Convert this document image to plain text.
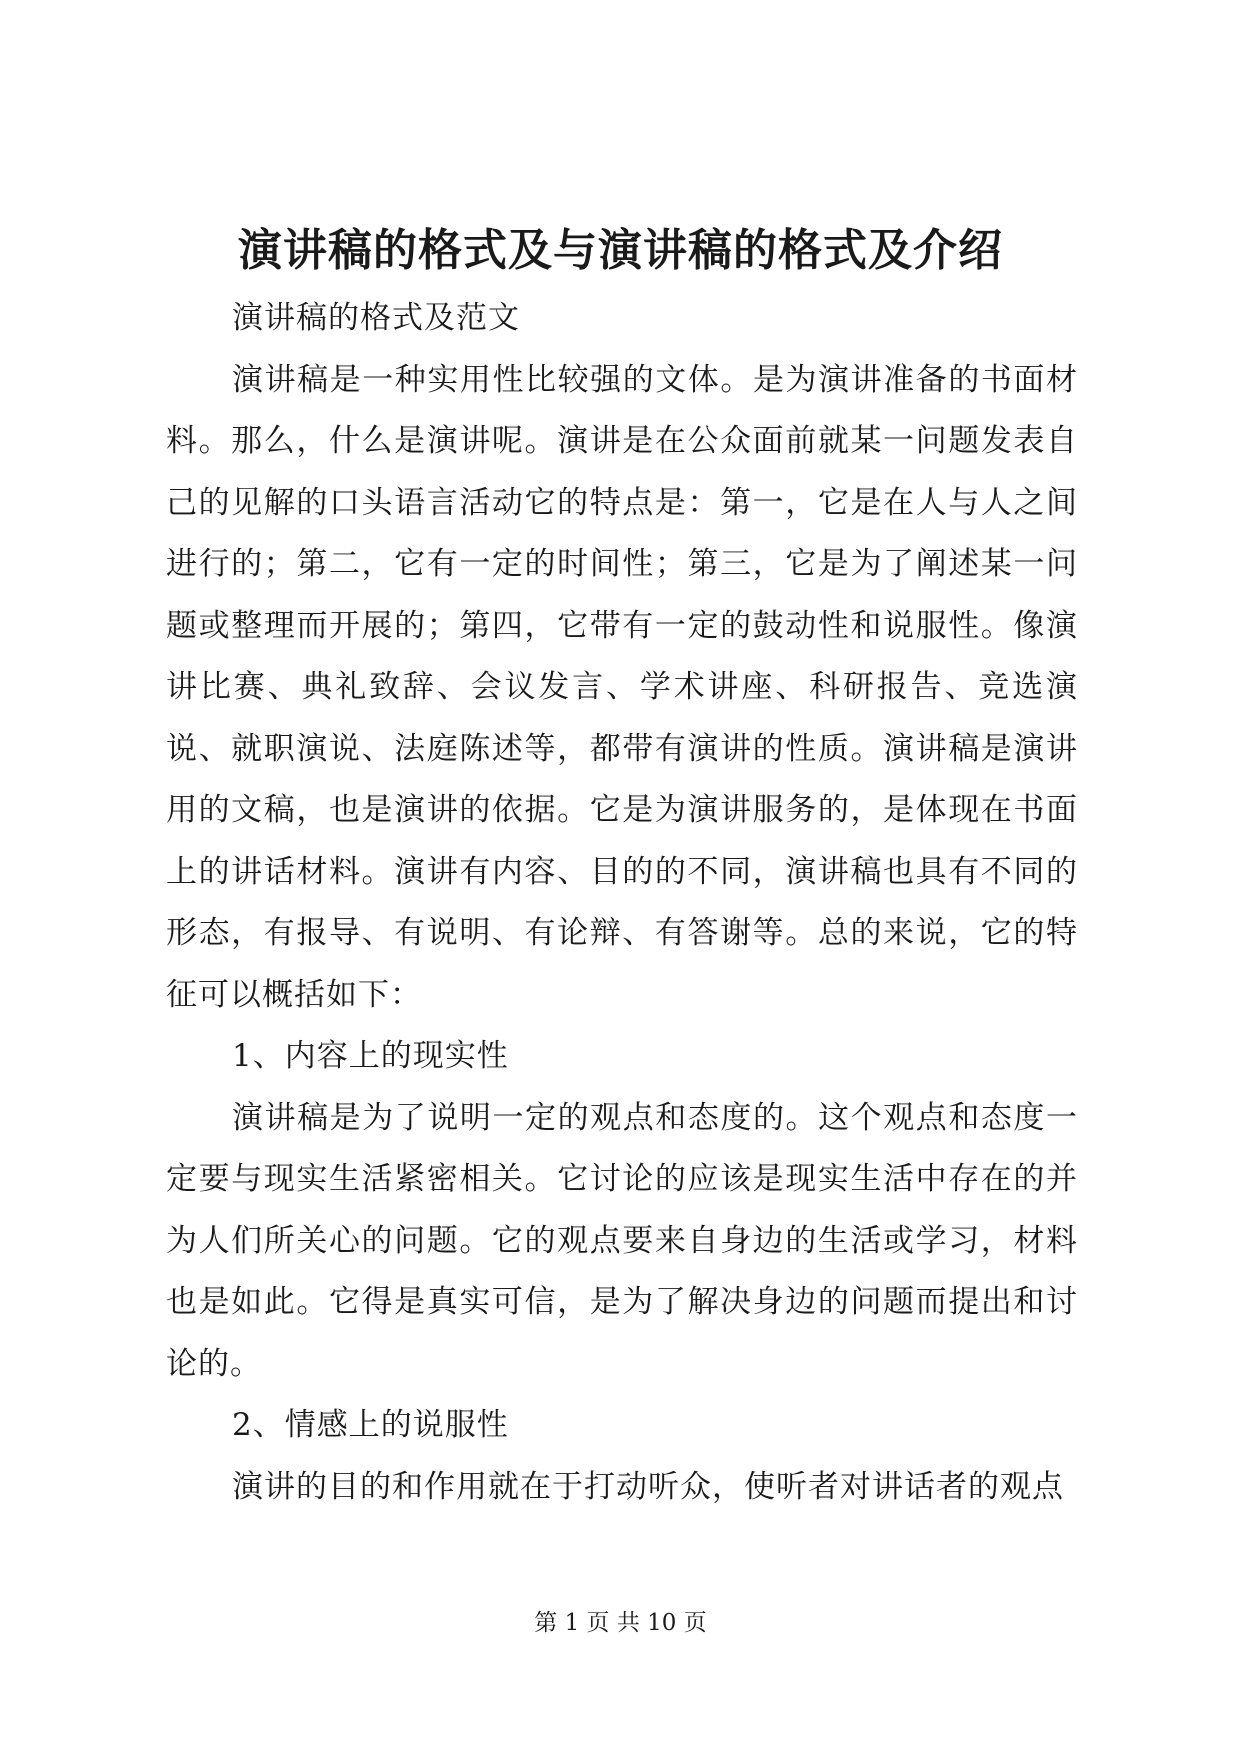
演讲稿的格式及与演讲稿的格式及介绍

演讲稿的格式及范文

演讲稿是一种实用性比较强的文体。是为演讲准备的书面材料。那么，什么是演讲呢。演讲是在公众面前就某一问题发表自己的见解的口头语言活动它的特点是：第一，它是在人与人之间进行的；第二，它有一定的时间性；第三，它是为了阐述某一问题或整理而开展的；第四，它带有一定的鼓动性和说服性。像演讲比赛、典礼致辞、会议发言、学术讲座、科研报告、竞选演说、就职演说、法庭陈述等，都带有演讲的性质。演讲稿是演讲用的文稿，也是演讲的依据。它是为演讲服务的，是体现在书面上的讲话材料。演讲有内容、目的的不同，演讲稿也具有不同的形态，有报导、有说明、有论辩、有答谢等。总的来说，它的特征可以概括如下：

1、内容上的现实性

演讲稿是为了说明一定的观点和态度的。这个观点和态度一定要与现实生活紧密相关。它讨论的应该是现实生活中存在的并为人们所关心的问题。它的观点要来自身边的生活或学习，材料也是如此。它得是真实可信，是为了解决身边的问题而提出和讨论的。

2、情感上的说服性

演讲的目的和作用就在于打动听众，使听者对讲话者的观点

第 1 页 共 10 页
